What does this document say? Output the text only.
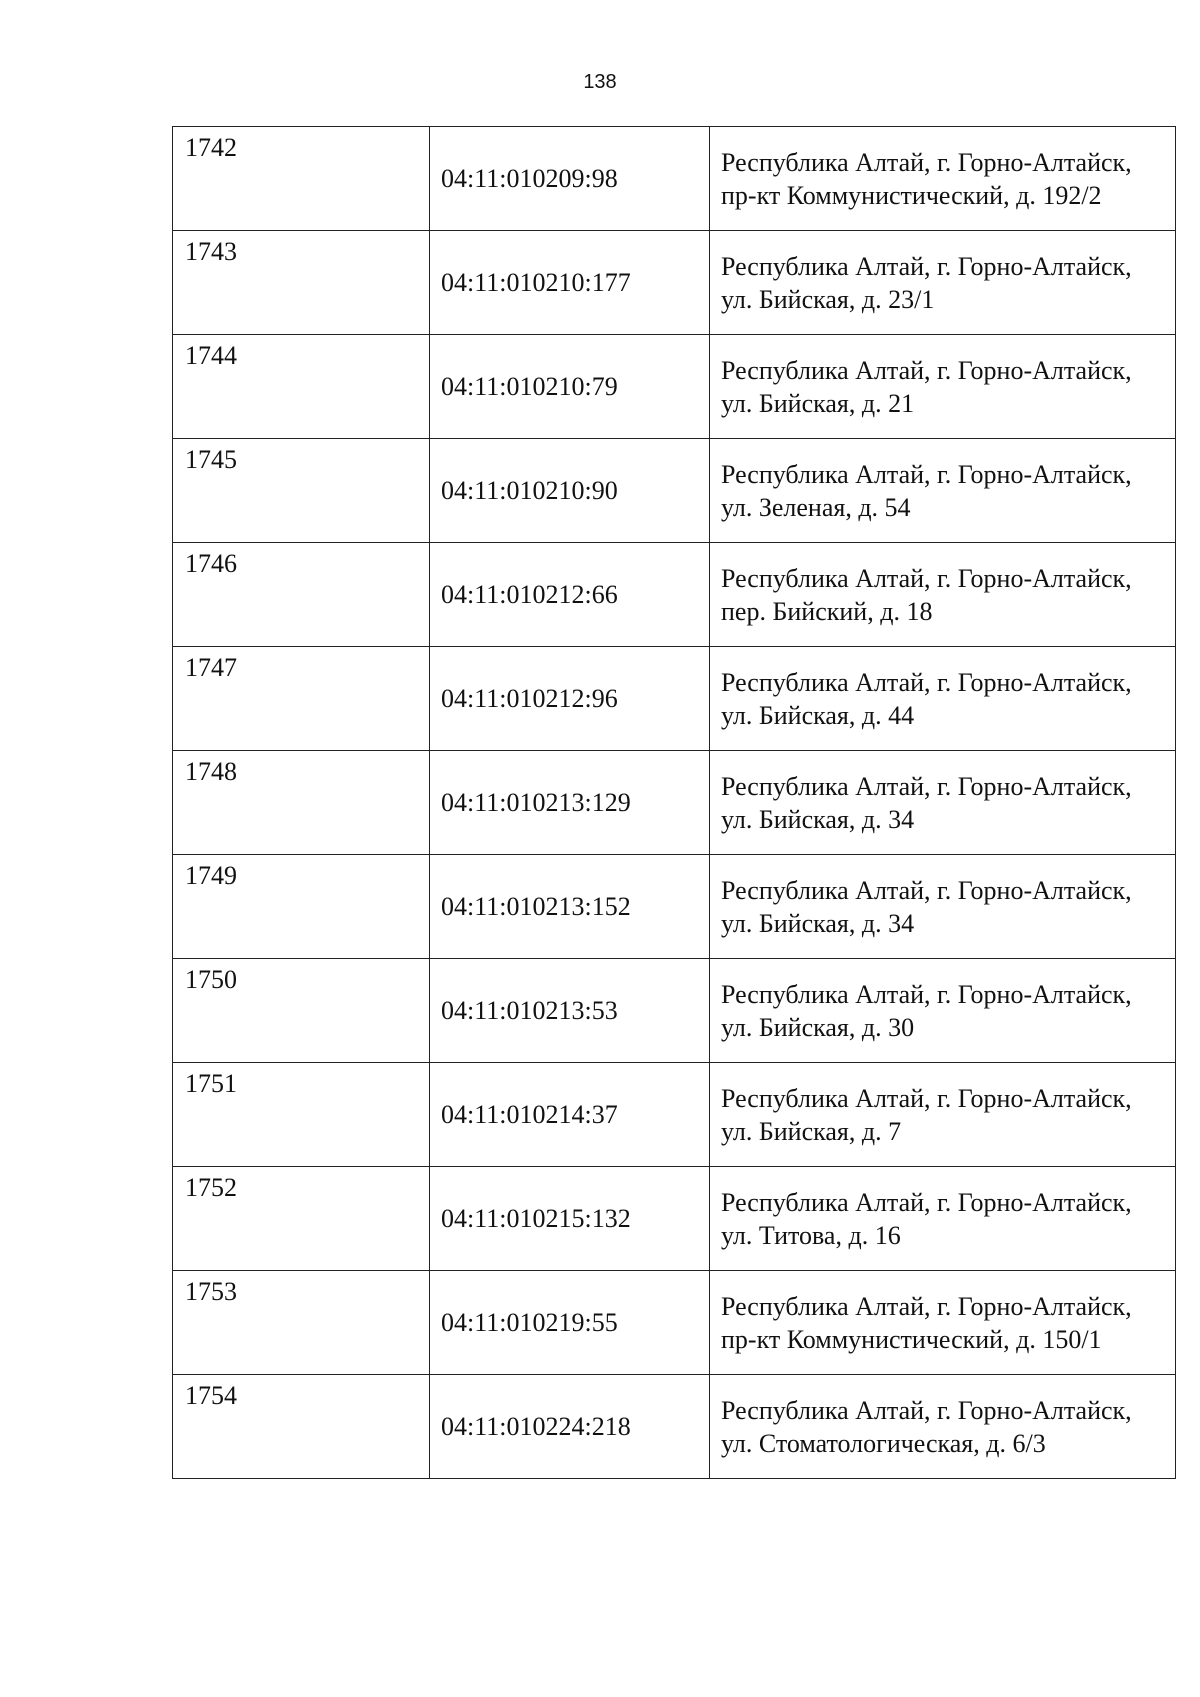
138
1742	04:11:010209:98	Республика Алтай, г. Горно-Алтайск, пр-кт Коммунистический, д. 192/2

1743	04:11:010210:177	Республика Алтай, г. Горно-Алтайск, ул. Бийская, д. 23/1

1744	04:11:010210:79	Республика Алтай, г. Горно-Алтайск, ул. Бийская, д. 21

1745	04:11:010210:90	Республика Алтай, г. Горно-Алтайск, ул. Зеленая, д. 54

1746	04:11:010212:66	Республика Алтай, г. Горно-Алтайск, пер. Бийский, д. 18

1747	04:11:010212:96	Республика Алтай, г. Горно-Алтайск, ул. Бийская, д. 44

1748	04:11:010213:129	Республика Алтай, г. Горно-Алтайск, ул. Бийская, д. 34

1749	04:11:010213:152	Республика Алтай, г. Горно-Алтайск, ул. Бийская, д. 34

1750	04:11:010213:53	Республика Алтай, г. Горно-Алтайск, ул. Бийская, д. 30

1751	04:11:010214:37	Республика Алтай, г. Горно-Алтайск, ул. Бийская, д. 7

1752	04:11:010215:132	Республика Алтай, г. Горно-Алтайск, ул. Титова, д. 16

1753	04:11:010219:55	Республика Алтай, г. Горно-Алтайск, пр-кт Коммунистический, д. 150/1

1754	04:11:010224:218	Республика Алтай, г. Горно-Алтайск, ул. Стоматологическая, д. 6/3
